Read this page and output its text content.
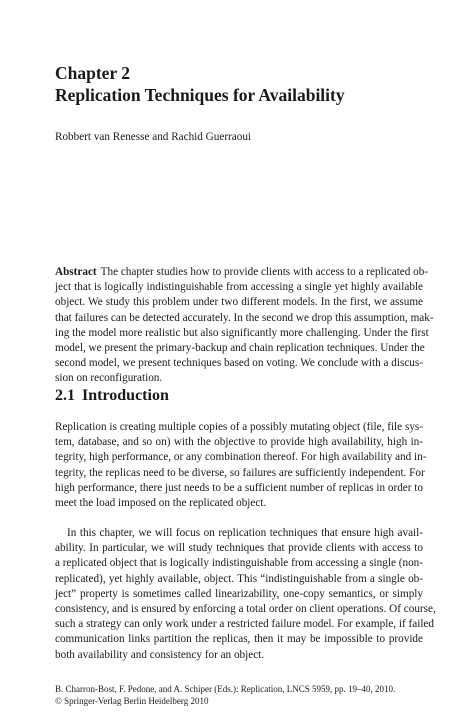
Chapter 2
Replication Techniques for Availability
Robbert van Renesse and Rachid Guerraoui
Abstract The chapter studies how to provide clients with access to a replicated ob-
ject that is logically indistinguishable from accessing a single yet highly available
object. We study this problem under two different models. In the first, we assume
that failures can be detected accurately. In the second we drop this assumption, mak-
ing the model more realistic but also significantly more challenging. Under the first
model, we present the primary-backup and chain replication techniques. Under the
second model, we present techniques based on voting. We conclude with a discus-
sion on reconfiguration.
2.1 Introduction
Replication is creating multiple copies of a possibly mutating object (file, file sys-
tem, database, and so on) with the objective to provide high availability, high in-
tegrity, high performance, or any combination thereof. For high availability and in-
tegrity, the replicas need to be diverse, so failures are sufficiently independent. For
high performance, there just needs to be a sufficient number of replicas in order to
meet the load imposed on the replicated object.
In this chapter, we will focus on replication techniques that ensure high avail-
ability. In particular, we will study techniques that provide clients with access to
a replicated object that is logically indistinguishable from accessing a single (non-
replicated), yet highly available, object. This “indistinguishable from a single ob-
ject” property is sometimes called linearizability, one-copy semantics, or simply
consistency, and is ensured by enforcing a total order on client operations. Of course,
such a strategy can only work under a restricted failure model. For example, if failed
communication links partition the replicas, then it may be impossible to provide
both availability and consistency for an object.
B. Charron-Bost, F. Pedone, and A. Schiper (Eds.): Replication, LNCS 5959, pp. 19–40, 2010.
© Springer-Verlag Berlin Heidelberg 2010
